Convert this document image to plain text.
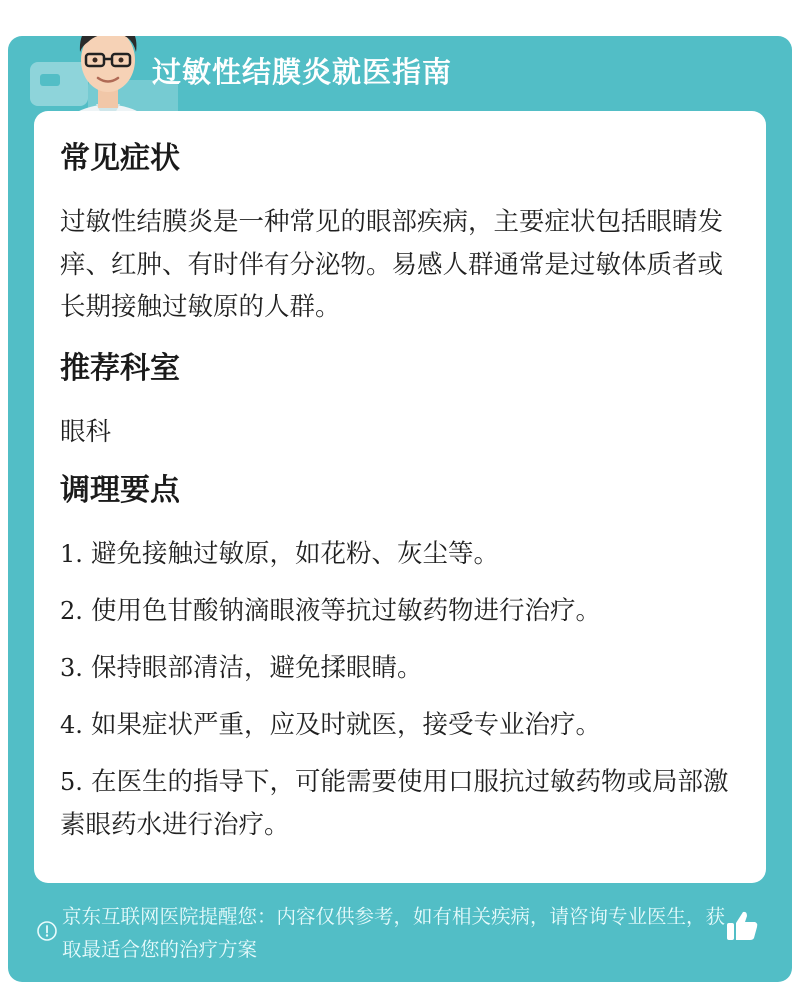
过敏性结膜炎就医指南
常见症状
过敏性结膜炎是一种常见的眼部疾病，主要症状包括眼睛发痒、红肿、有时伴有分泌物。易感人群通常是过敏体质者或长期接触过敏原的人群。
推荐科室
眼科
调理要点
1. 避免接触过敏原，如花粉、灰尘等。
2. 使用色甘酸钠滴眼液等抗过敏药物进行治疗。
3. 保持眼部清洁，避免揉眼睛。
4. 如果症状严重，应及时就医，接受专业治疗。
5. 在医生的指导下，可能需要使用口服抗过敏药物或局部激素眼药水进行治疗。
京东互联网医院提醒您：内容仅供参考，如有相关疾病，请咨询专业医生，获取最适合您的治疗方案
